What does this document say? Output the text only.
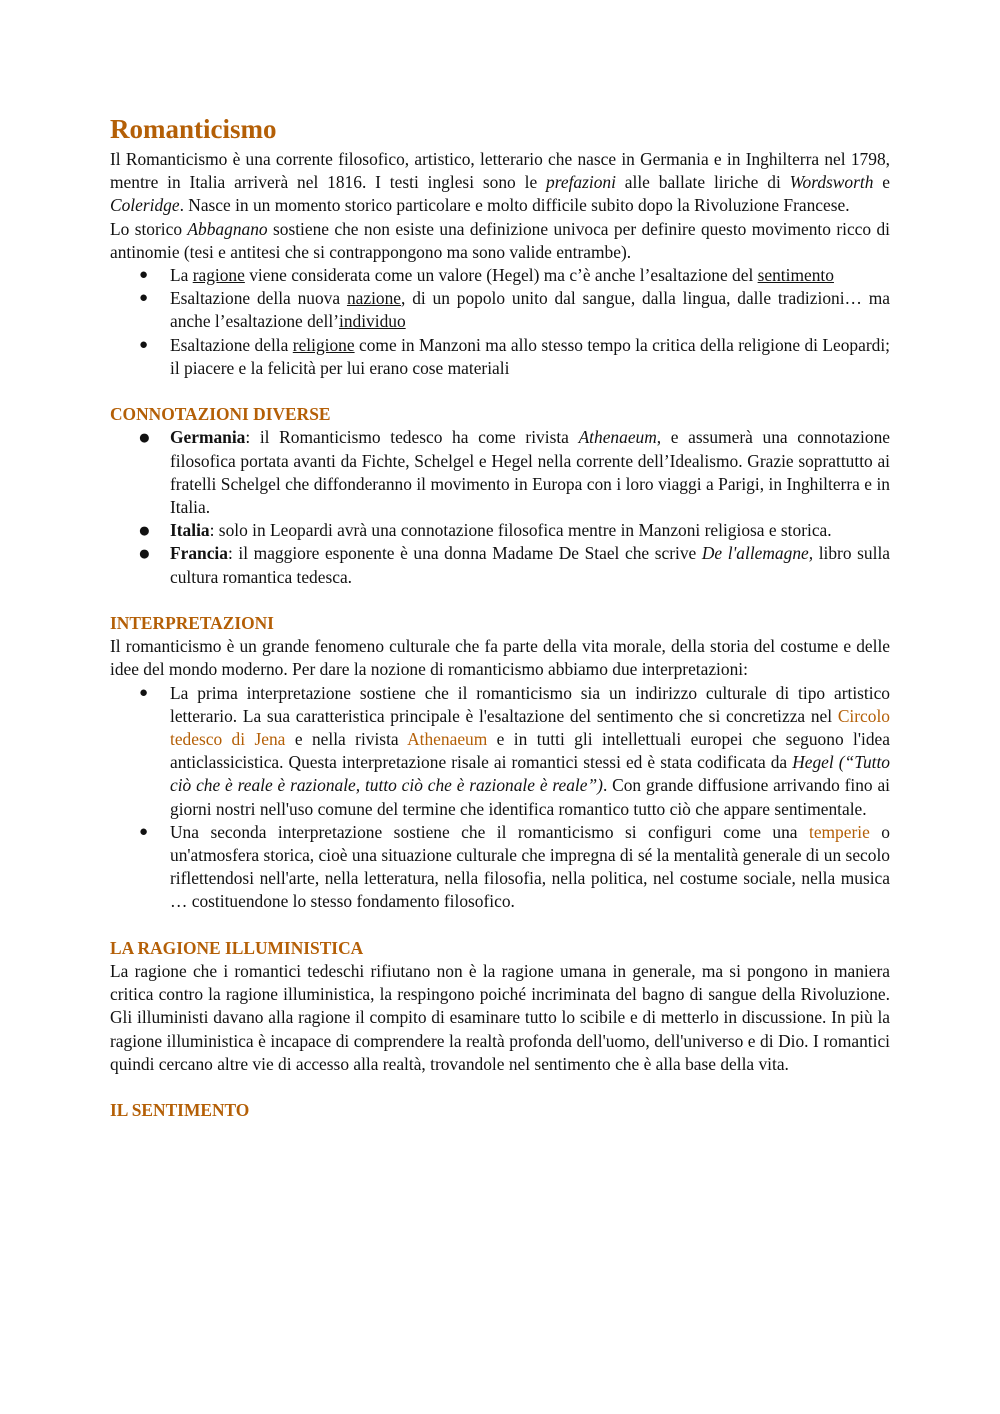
Romanticismo

Il Romanticismo è una corrente filosofico, artistico, letterario che nasce in Germania e in Inghilterra nel 1798, mentre in Italia arriverà nel 1816. I testi inglesi sono le prefazioni alle ballate liriche di Wordsworth e Coleridge. Nasce in un momento storico particolare e molto difficile subito dopo la Rivoluzione Francese.

Lo storico Abbagnano sostiene che non esiste una definizione univoca per definire questo movimento ricco di antinomie (tesi e antitesi che si contrappongono ma sono valide entrambe).

● La ragione viene considerata come un valore (Hegel) ma c’è anche l’esaltazione del sentimento
● Esaltazione della nuova nazione, di un popolo unito dal sangue, dalla lingua, dalle tradizioni… ma anche l’esaltazione dell’individuo
● Esaltazione della religione come in Manzoni ma allo stesso tempo la critica della religione di Leopardi; il piacere e la felicità per lui erano cose materiali
CONNOTAZIONI DIVERSE
● Germania: il Romanticismo tedesco ha come rivista Athenaeum, e assumerà una connotazione filosofica portata avanti da Fichte, Schelgel e Hegel nella corrente dell’Idealismo. Grazie soprattutto ai fratelli Schelgel che diffonderanno il movimento in Europa con i loro viaggi a Parigi, in Inghilterra e in Italia.
● Italia: solo in Leopardi avrà una connotazione filosofica mentre in Manzoni religiosa e storica.
● Francia: il maggiore esponente è una donna Madame De Stael che scrive De l'allemagne, libro sulla cultura romantica tedesca.
INTERPRETAZIONI

Il romanticismo è un grande fenomeno culturale che fa parte della vita morale, della storia del costume e delle idee del mondo moderno. Per dare la nozione di romanticismo abbiamo due interpretazioni:

● La prima interpretazione sostiene che il romanticismo sia un indirizzo culturale di tipo artistico letterario. La sua caratteristica principale è l'esaltazione del sentimento che si concretizza nel Circolo tedesco di Jena e nella rivista Athenaeum e in tutti gli intellettuali europei che seguono l'idea anticlassicistica. Questa interpretazione risale ai romantici stessi ed è stata codificata da Hegel (“Tutto ciò che è reale è razionale, tutto ciò che è razionale è reale”). Con grande diffusione arrivando fino ai giorni nostri nell'uso comune del termine che identifica romantico tutto ciò che appare sentimentale.
● Una seconda interpretazione sostiene che il romanticismo si configuri come una temperie o un'atmosfera storica, cioè una situazione culturale che impregna di sé la mentalità generale di un secolo riflettendosi nell'arte, nella letteratura, nella filosofia, nella politica, nel costume sociale, nella musica … costituendone lo stesso fondamento filosofico.
LA RAGIONE ILLUMINISTICA

La ragione che i romantici tedeschi rifiutano non è la ragione umana in generale, ma si pongono in maniera critica contro la ragione illuministica, la respingono poiché incriminata del bagno di sangue della Rivoluzione. Gli illuministi davano alla ragione il compito di esaminare tutto lo scibile e di metterlo in discussione. In più la ragione illuministica è incapace di comprendere la realtà profonda dell'uomo, dell'universo e di Dio. I romantici quindi cercano altre vie di accesso alla realtà, trovandole nel sentimento che è alla base della vita.

IL SENTIMENTO
